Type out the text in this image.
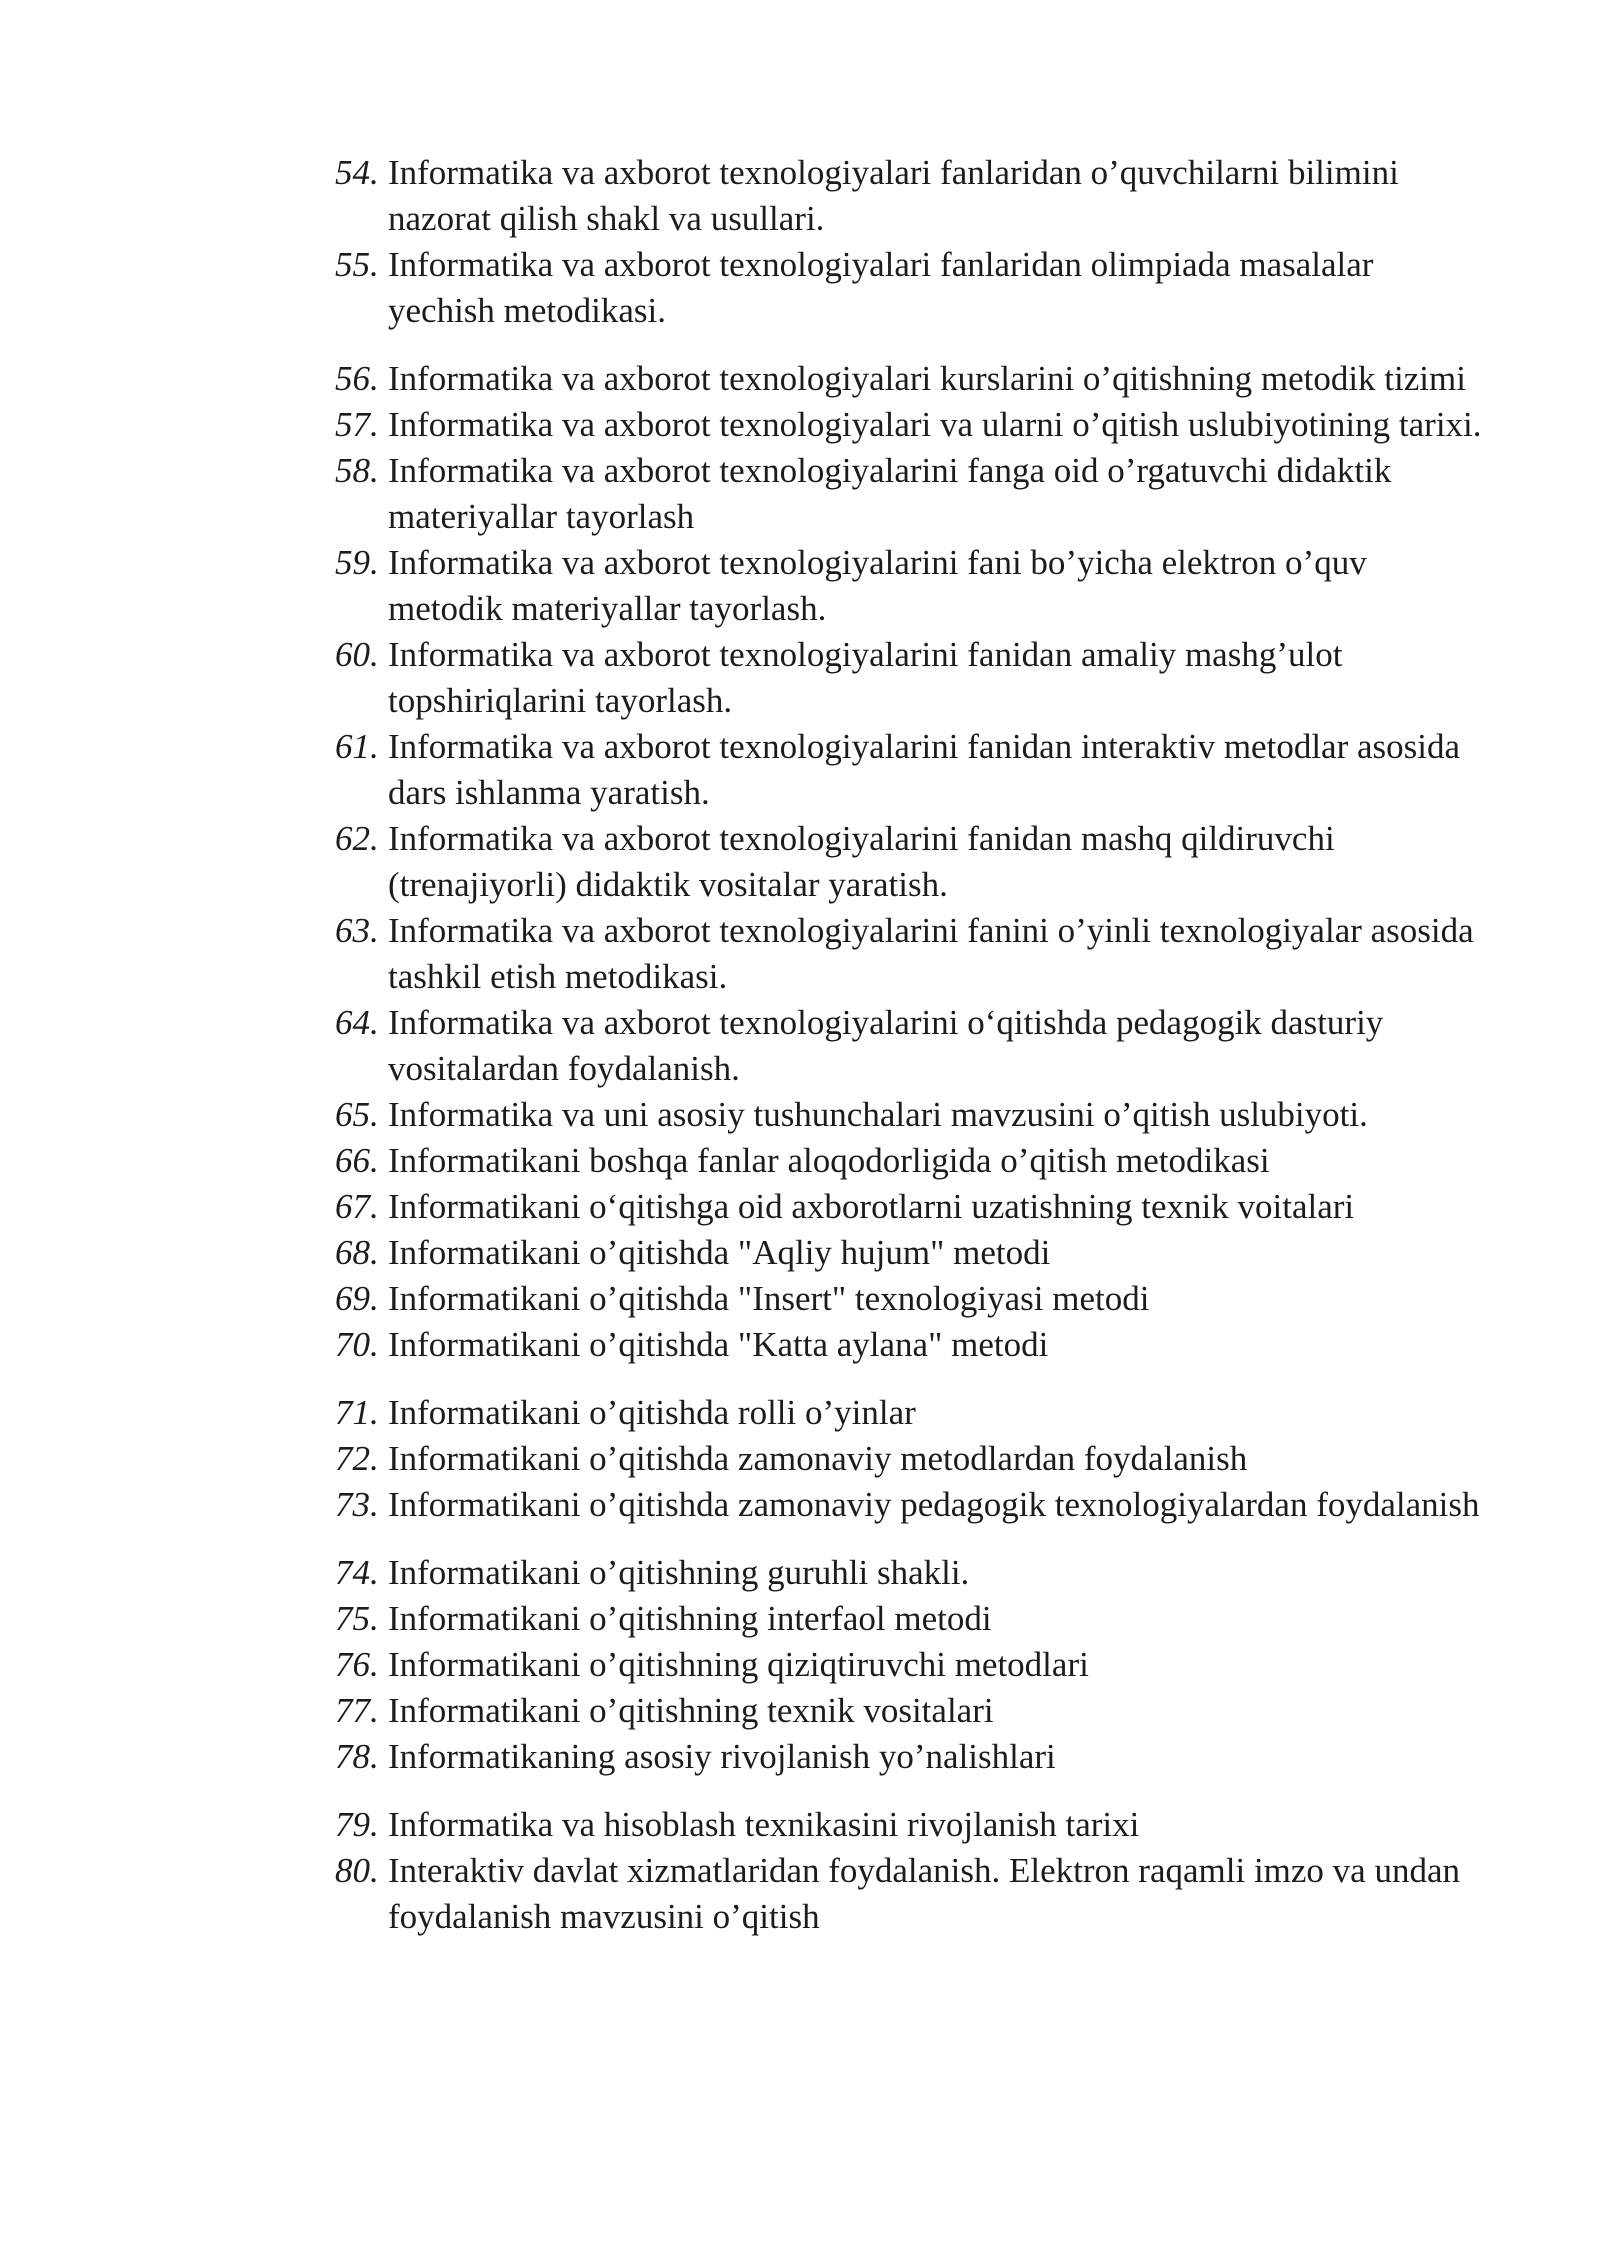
54. Informatika va axborot texnologiyalari fanlaridan o’quvchilarni bilimini nazorat qilish shakl va usullari.
55. Informatika va axborot texnologiyalari fanlaridan olimpiada masalalar yechish metodikasi.
56. Informatika va axborot texnologiyalari kurslarini o’qitishning metodik tizimi
57. Informatika va axborot texnologiyalari va ularni o’qitish uslubiyotining tarixi.
58. Informatika va axborot texnologiyalarini fanga oid o’rgatuvchi didaktik materiyallar tayorlash
59. Informatika va axborot texnologiyalarini fani bo’yicha elektron o’quv metodik materiyallar tayorlash.
60. Informatika va axborot texnologiyalarini fanidan amaliy mashg’ulot topshiriqlarini tayorlash.
61. Informatika va axborot texnologiyalarini fanidan interaktiv metodlar asosida dars ishlanma yaratish.
62. Informatika va axborot texnologiyalarini fanidan mashq qildiruvchi (trenajiyorli) didaktik vositalar yaratish.
63. Informatika va axborot texnologiyalarini fanini o’yinli texnologiyalar asosida tashkil etish metodikasi.
64. Informatika va axborot texnologiyalarini o‘qitishda pedagogik dasturiy vositalardan foydalanish.
65. Informatika va uni asosiy tushunchalari mavzusini o’qitish uslubiyoti.
66. Informatikani boshqa fanlar aloqodorligida o’qitish metodikasi
67. Informatikani o‘qitishga oid axborotlarni uzatishning texnik voitalari
68. Informatikani o’qitishda "Aqliy hujum" metodi
69. Informatikani o’qitishda "Insert" texnologiyasi metodi
70. Informatikani o’qitishda "Katta aylana" metodi
71. Informatikani o’qitishda rolli o’yinlar
72. Informatikani o’qitishda zamonaviy metodlardan foydalanish
73. Informatikani o’qitishda zamonaviy pedagogik texnologiyalardan foydalanish
74. Informatikani o’qitishning guruhli shakli.
75. Informatikani o’qitishning interfaol metodi
76. Informatikani o’qitishning qiziqtiruvchi metodlari
77. Informatikani o’qitishning texnik vositalari
78. Informatikaning asosiy rivojlanish yo’nalishlari
79. Informatika va hisoblash texnikasini rivojlanish tarixi
80. Interaktiv davlat xizmatlaridan foydalanish. Elektron raqamli imzo va undan foydalanish mavzusini o’qitish
